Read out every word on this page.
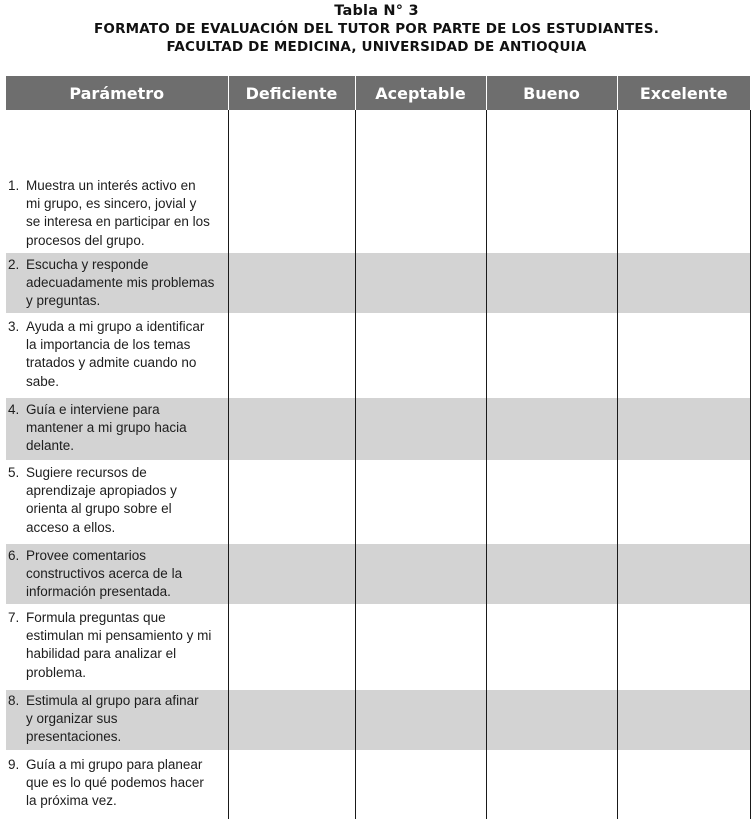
Tabla N° 3
FORMATO DE EVALUACIÓN DEL TUTOR POR PARTE DE LOS ESTUDIANTES.
FACULTAD DE MEDICINA, UNIVERSIDAD DE ANTIOQUIA
Parámetro	Deficiente	Aceptable	Bueno	Excelente

1. Muestra un interés activo en
mi grupo, es sincero, jovial y
se interesa en participar en los
procesos del grupo.				

2. Escucha y responde
adecuadamente mis problemas
y preguntas.				

3. Ayuda a mi grupo a identificar
la importancia de los temas
tratados y admite cuando no
sabe.				

4. Guía e interviene para
mantener a mi grupo hacia
delante.				

5. Sugiere recursos de
aprendizaje apropiados y
orienta al grupo sobre el
acceso a ellos.				

6. Provee comentarios
constructivos acerca de la
información presentada.				

7. Formula preguntas que
estimulan mi pensamiento y mi
habilidad para analizar el
problema.				

8. Estimula al grupo para afinar
y organizar sus
presentaciones.				

9. Guía a mi grupo para planear
que es lo qué podemos hacer
la próxima vez.				
